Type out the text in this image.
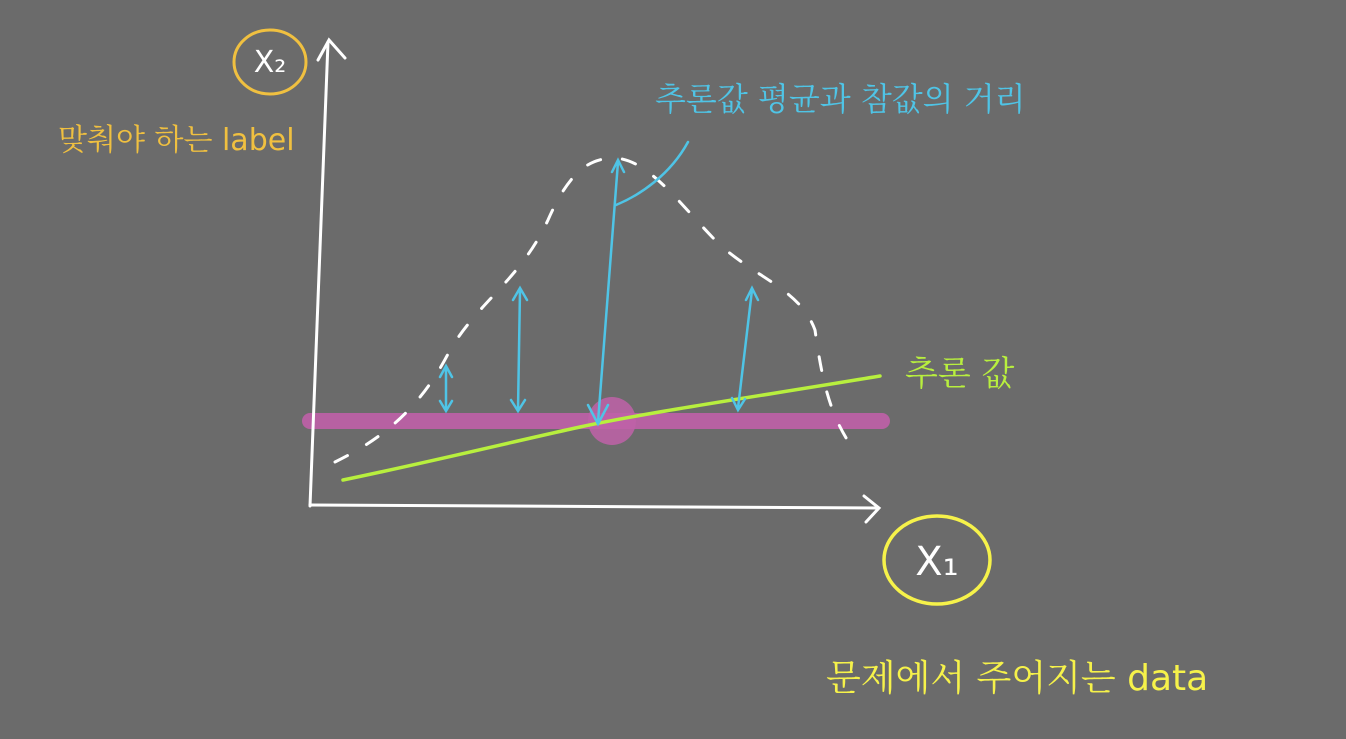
X₂
X₁
맞춰야 하는 label
문제에서 주어지는 data
추론값 평균과 참값의 거리
추론 값
